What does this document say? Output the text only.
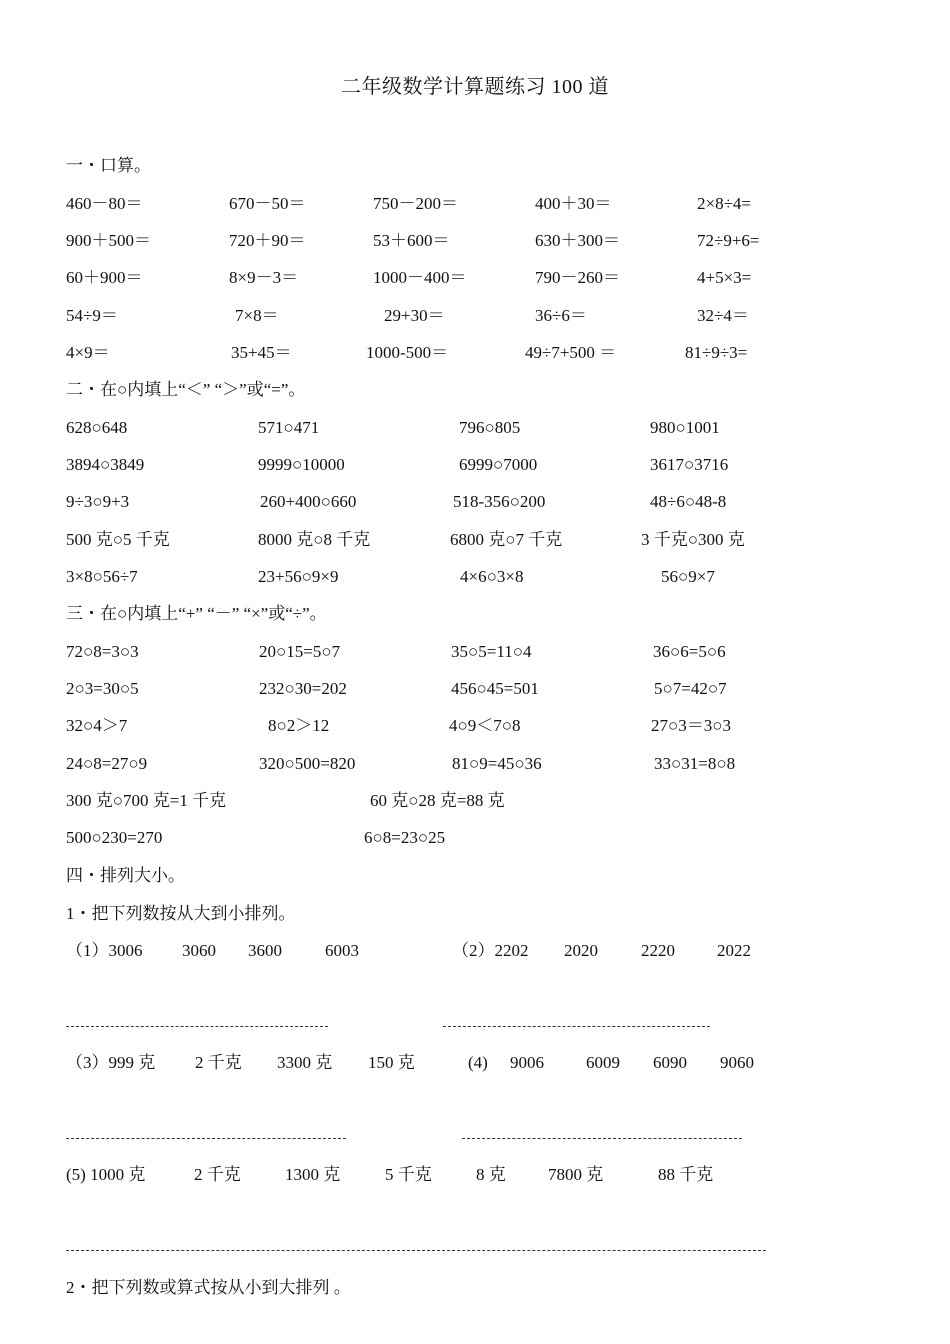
二年级数学计算题练习 100 道
一・口算。
460－80＝	670－50＝	750－200＝	400＋30＝	2×8÷4=
900＋500＝	720＋90＝	53＋600＝	630＋300＝	72÷9+6=
60＋900＝	8×9－3＝	1000－400＝	790－260＝	4+5×3=
54÷9＝	7×8＝	29+30＝	36÷6＝	32÷4＝
4×9＝	35+45＝	1000-500＝	49÷7+500 ＝	81÷9÷3=
二・在○内填上“＜” “＞”或“=”。
628○648	571○471	796○805	980○1001
3894○3849	9999○10000	6999○7000	3617○3716
9÷3○9+3	260+400○660	518-356○200	48÷6○48-8
500 克○5 千克	8000 克○8 千克	6800 克○7 千克	3 千克○300 克
3×8○56÷7	23+56○9×9	4×6○3×8	56○9×7
三・在○内填上“+” “－” “×”或“÷”。
72○8=3○3	20○15=5○7	35○5=11○4	36○6=5○6
2○3=30○5	232○30=202	456○45=501	5○7=42○7
32○4＞7	8○2＞12	4○9＜7○8	27○3＝3○3
24○8=27○9	320○500=820	81○9=45○36	33○31=8○8
300 克○700 克=1 千克	60 克○28 克=88 克
500○230=270	6○8=23○25
四・排列大小。
1・把下列数按从大到小排列。
（1）3006 3060 3600	6003	（2）2202 2020	2220 2022
（3）999 克 2 千克 3300 克 150 克	(4) 9006 6009 6090 9060
(5) 1000 克	2 千克	1300 克	5 千克	8 克 7800 克	88 千克
2・把下列数或算式按从小到大排列 。
